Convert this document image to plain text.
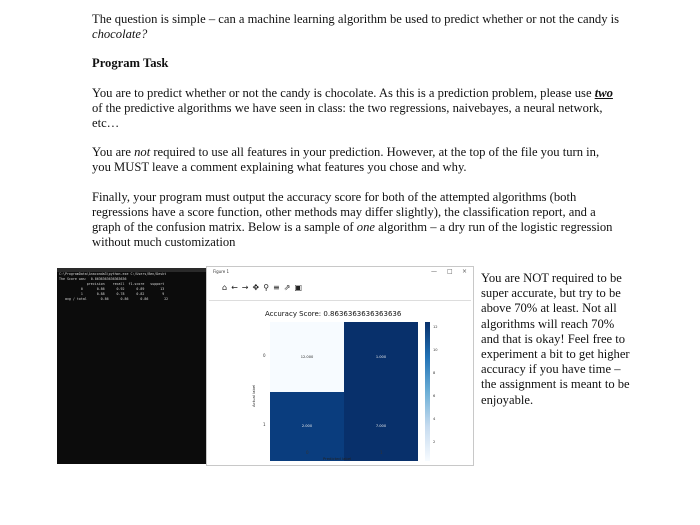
The question is simple – can a machine learning algorithm be used to predict whether or not the candy is chocolate?

Program Task

You are to predict whether or not the candy is chocolate. As this is a prediction problem, please use two of the predictive algorithms we have seen in class: the two regressions, naivebayes, a neural network, etc…

You are not required to use all features in your prediction. However, at the top of the file you turn in, you MUST leave a comment explaining what features you chose and why.

Finally, your program must output the accuracy score for both of the attempted algorithms (both regressions have a score function, other methods may differ slightly), the classification report, and a graph of the confusion matrix. Below is a sample of one algorithm – a dry run of the logistic regression without much customization

C:\ProgramData\Anaconda3\python.exe C:/Users/Ben/Deskt
The Score was:  0.8636363636363636
precision    recall  f1-score   support
0       0.86      0.92      0.89        13
1       0.88      0.78      0.82         9
avg / total       0.86      0.86      0.86        22
Figure 1	— □ ×
⌂←→✥⚲≡⇗▣
Accuracy Score: 0.8636363636363636
12.000	1.000
2.000	7.000
0
1
0	1
Actual label
Predicted label
12
10
8
6
4
2
You are NOT required to be super accurate, but try to be above 70% at least. Not all algorithms will reach 70% and that is okay! Feel free to experiment a bit to get higher accuracy if you have time – the assignment is meant to be enjoyable.
